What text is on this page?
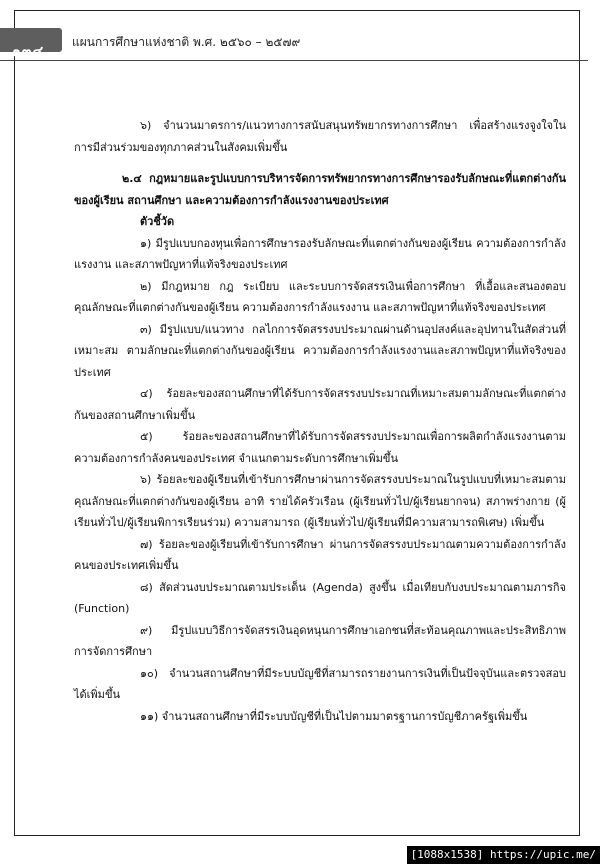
๑๓๔
แผนการศึกษาแห่งชาติ พ.ศ. ๒๕๖๐ – ๒๕๗๙

๖) จำนวนมาตรการ/แนวทางการสนับสนุนทรัพยากรทางการศึกษา เพื่อสร้างแรงจูงใจในการมีส่วนร่วมของทุกภาคส่วนในสังคมเพิ่มขึ้น

๒.๔ กฎหมายและรูปแบบการบริหารจัดการทรัพยากรทางการศึกษารองรับลักษณะที่แตกต่างกันของผู้เรียน สถานศึกษา และความต้องการกำลังแรงงานของประเทศ

ตัวชี้วัด

๑) มีรูปแบบกองทุนเพื่อการศึกษารองรับลักษณะที่แตกต่างกันของผู้เรียน ความต้องการกำลังแรงงาน และสภาพปัญหาที่แท้จริงของประเทศ

๒) มีกฎหมาย กฎ ระเบียบ และระบบการจัดสรรเงินเพื่อการศึกษา ที่เอื้อและสนองตอบคุณลักษณะที่แตกต่างกันของผู้เรียน ความต้องการกำลังแรงงาน และสภาพปัญหาที่แท้จริงของประเทศ

๓) มีรูปแบบ/แนวทาง กลไกการจัดสรรงบประมาณผ่านด้านอุปสงค์และอุปทานในสัดส่วนที่เหมาะสม ตามลักษณะที่แตกต่างกันของผู้เรียน ความต้องการกำลังแรงงานและสภาพปัญหาที่แท้จริงของประเทศ

๔) ร้อยละของสถานศึกษาที่ได้รับการจัดสรรงบประมาณที่เหมาะสมตามลักษณะที่แตกต่างกันของสถานศึกษาเพิ่มขึ้น

๕) ร้อยละของสถานศึกษาที่ได้รับการจัดสรรงบประมาณเพื่อการผลิตกำลังแรงงานตามความต้องการกำลังคนของประเทศ จำแนกตามระดับการศึกษาเพิ่มขึ้น

๖) ร้อยละของผู้เรียนที่เข้ารับการศึกษาผ่านการจัดสรรงบประมาณในรูปแบบที่เหมาะสมตามคุณลักษณะที่แตกต่างกันของผู้เรียน อาทิ รายได้ครัวเรือน (ผู้เรียนทั่วไป/ผู้เรียนยากจน) สภาพร่างกาย (ผู้เรียนทั่วไป/ผู้เรียนพิการเรียนร่วม) ความสามารถ (ผู้เรียนทั่วไป/ผู้เรียนที่มีความสามารถพิเศษ) เพิ่มขึ้น

๗) ร้อยละของผู้เรียนที่เข้ารับการศึกษา ผ่านการจัดสรรงบประมาณตามความต้องการกำลังคนของประเทศเพิ่มขึ้น

๘) สัดส่วนงบประมาณตามประเด็น (Agenda) สูงขึ้น เมื่อเทียบกับงบประมาณตามภารกิจ (Function)

๙) มีรูปแบบวิธีการจัดสรรเงินอุดหนุนการศึกษาเอกชนที่สะท้อนคุณภาพและประสิทธิภาพการจัดการศึกษา

๑๐) จำนวนสถานศึกษาที่มีระบบบัญชีที่สามารถรายงานการเงินที่เป็นปัจจุบันและตรวจสอบได้เพิ่มขึ้น

๑๑) จำนวนสถานศึกษาที่มีระบบบัญชีที่เป็นไปตามมาตรฐานการบัญชีภาครัฐเพิ่มขึ้น

[1088x1538] https://upic.me/
